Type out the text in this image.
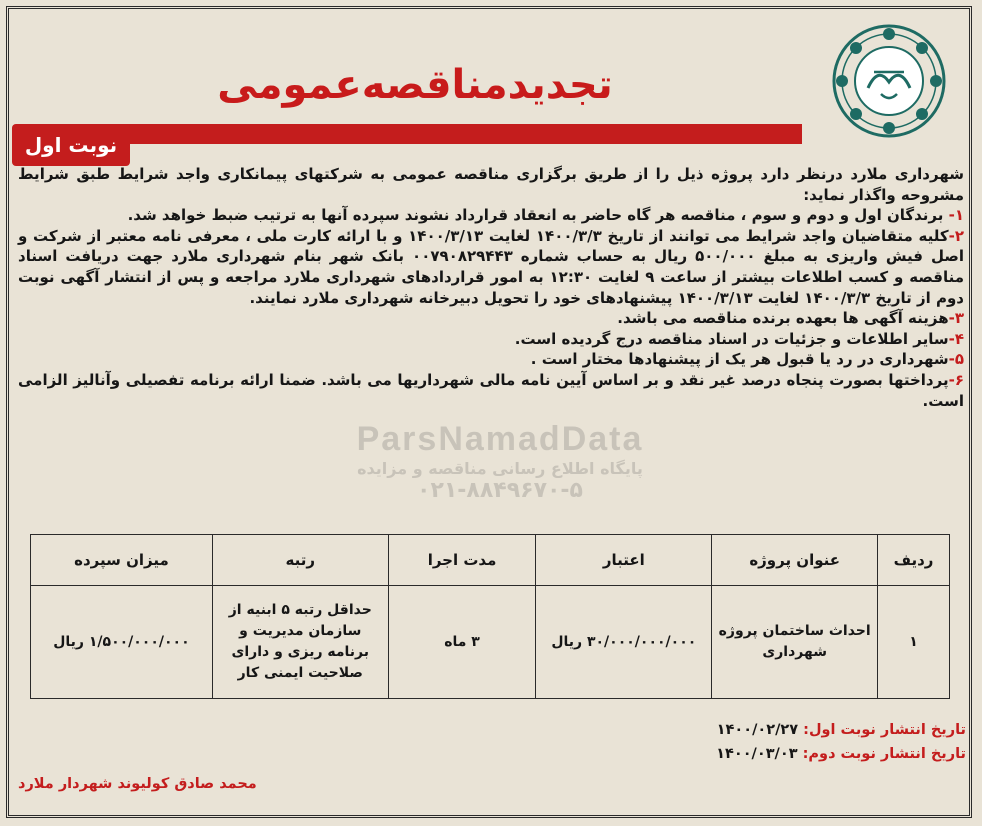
تجدیدمناقصه‌عمومی
نوبت اول

شهرداری ملارد درنظر دارد پروژه ذیل را از طریق برگزاری مناقصه عمومی به شرکتهای پیمانکاری واجد شرایط طبق شرایط مشروحه واگذار نماید:

۱- برندگان اول و دوم و سوم ، مناقصه هر گاه حاضر به انعقاد قرارداد نشوند سپرده آنها به ترتیب ضبط خواهد شد.

۲-کلیه متقاضیان واجد شرایط می توانند از تاریخ ۱۴۰۰/۳/۳ لغایت ۱۴۰۰/۳/۱۳ و با ارائه کارت ملی ، معرفی نامه معتبر از شرکت و اصل فیش واریزی به مبلغ ۵۰۰/۰۰۰ ریال به حساب شماره ۰۰۷۹۰۸۲۹۴۴۳ بانک شهر بنام شهرداری ملارد جهت دریافت اسناد مناقصه و کسب اطلاعات بیشتر از ساعت ۹ لغایت ۱۲:۳۰ به امور قراردادهای شهرداری ملارد مراجعه و پس از انتشار آگهی نوبت دوم از تاریخ ۱۴۰۰/۳/۳ لغایت ۱۴۰۰/۳/۱۳ پیشنهادهای خود را تحویل دبیرخانه شهرداری ملارد نمایند.

۳-هزینه آگهی ها بعهده برنده مناقصه می باشد.

۴-سایر اطلاعات و جزئیات در اسناد مناقصه درج گردیده است.

۵-شهرداری در رد یا قبول هر یک از پیشنهادها مختار است .

۶-پرداختها بصورت پنجاه درصد غیر نقد و بر اساس آیین نامه مالی شهرداریها می باشد. ضمنا ارائه برنامه تفصیلی وآنالیز الزامی است.

ParsNamadData
پایگاه اطلاع رسانی مناقصه و مزایده
۰۲۱-۸۸۴۹۶۷۰-۵
ردیف	عنوان پروژه	اعتبار	مدت اجرا	رتبه	میزان سپرده
۱	احداث ساختمان پروژه شهرداری	۳۰/۰۰۰/۰۰۰/۰۰۰ ریال	۳ ماه	حداقل رتبه ۵ ابنیه از سازمان مدیریت و برنامه ریزی و دارای صلاحیت ایمنی کار	۱/۵۰۰/۰۰۰/۰۰۰ ریال
تاریخ انتشار نوبت اول: ۱۴۰۰/۰۲/۲۷
تاریخ انتشار نوبت دوم: ۱۴۰۰/۰۳/۰۳
محمد صادق کولیوند شهردار ملارد
